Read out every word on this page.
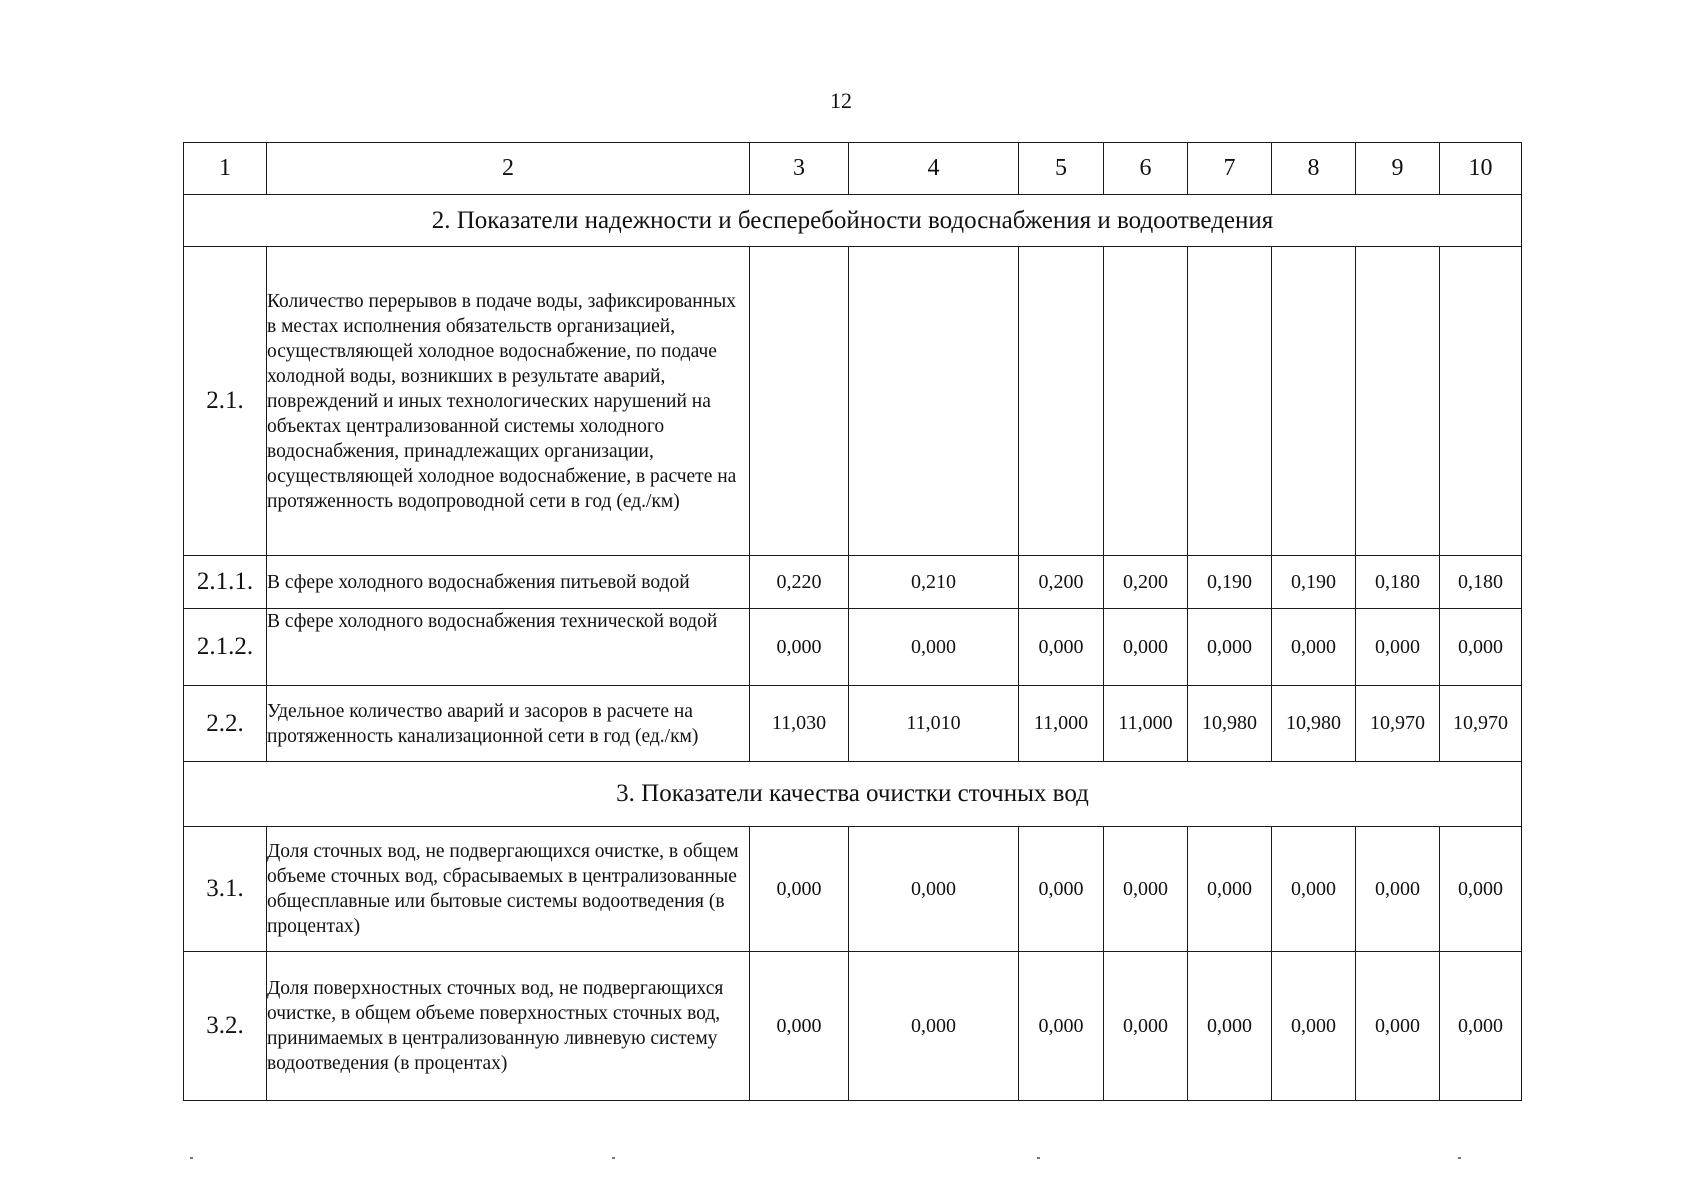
12
1	2	3	4	5	6	7	8	9	10
2. Показатели надежности и бесперебойности водоснабжения и водоотведения									
2.1.	Количество перерывов в подаче воды, зафиксированных в местах исполнения обязательств организацией, осуществляющей холодное водоснабжение, по подаче холодной воды, возникших в результате аварий, повреждений и иных технологических нарушений на объектах централизованной системы холодного водоснабжения, принадлежащих организации, осуществляющей холодное водоснабжение, в расчете на протяженность водопроводной сети в год (ед./км)								
2.1.1.	В сфере холодного водоснабжения питьевой водой	0,220	0,210	0,200	0,200	0,190	0,190	0,180	0,180
2.1.2.	В сфере холодного водоснабжения технической водой	0,000	0,000	0,000	0,000	0,000	0,000	0,000	0,000
2.2.	Удельное количество аварий и засоров в расчете на протяженность канализационной сети в год (ед./км)	11,030	11,010	11,000	11,000	10,980	10,980	10,970	10,970
3. Показатели качества очистки сточных вод									
3.1.	Доля сточных вод, не подвергающихся очистке, в общем объеме сточных вод, сбрасываемых в централизованные общесплавные или бытовые системы водоотведения (в процентах)	0,000	0,000	0,000	0,000	0,000	0,000	0,000	0,000
3.2.	Доля поверхностных сточных вод, не подвергающихся очистке, в общем объеме поверхностных сточных вод, принимаемых в централизованную ливневую систему водоотведения (в процентах)	0,000	0,000	0,000	0,000	0,000	0,000	0,000	0,000
